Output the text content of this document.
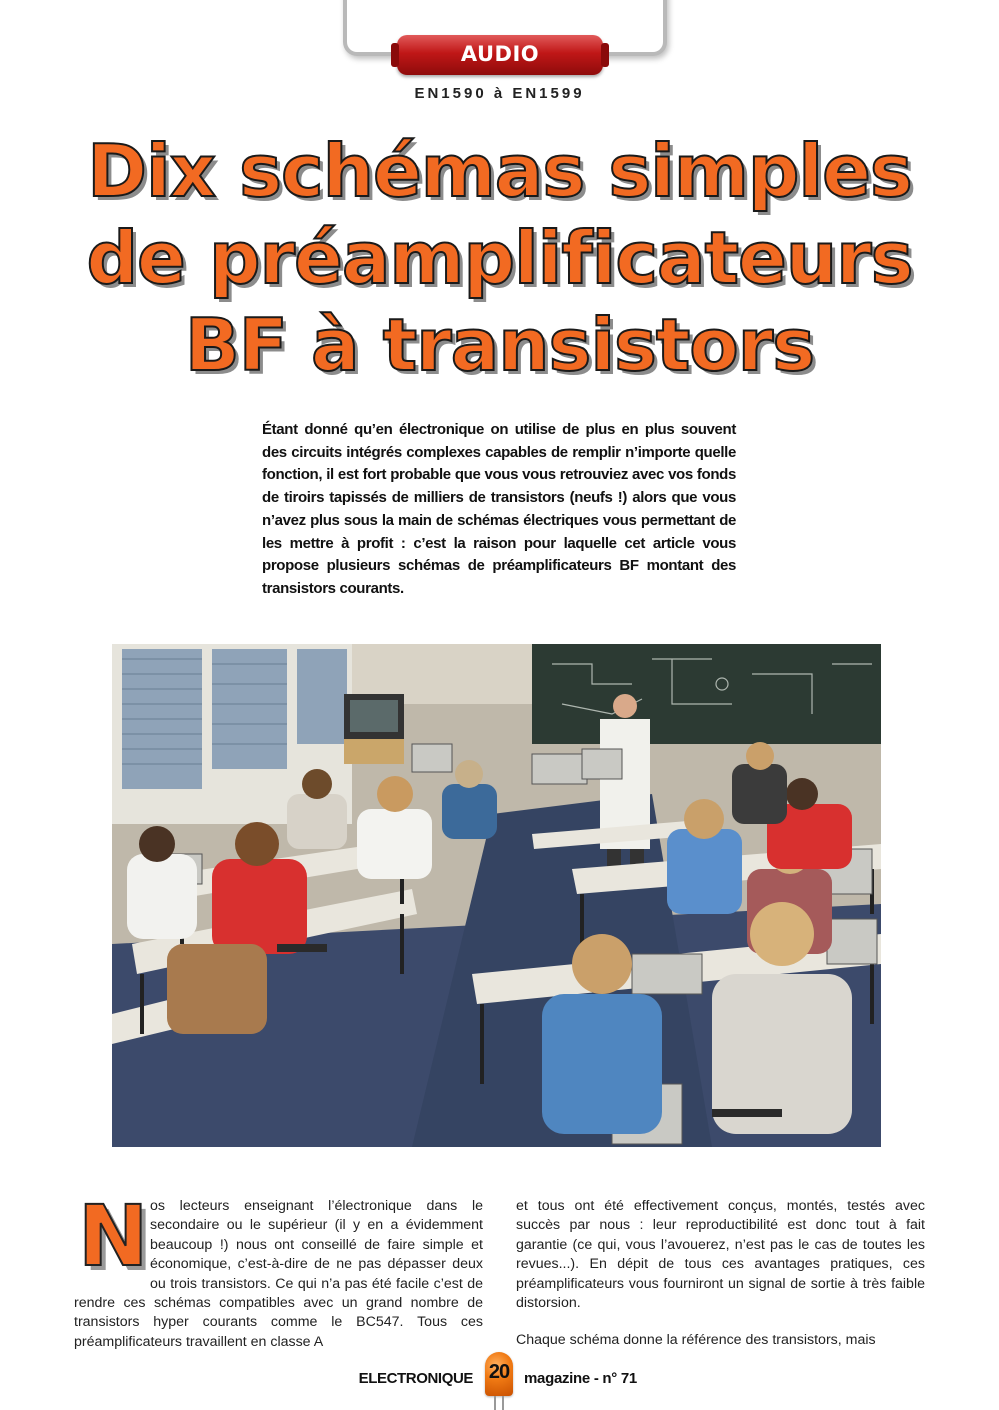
AUDIO
EN1590 à EN1599
Dix schémas simples
de préamplificateurs
BF à transistors
Étant donné qu’en électronique on utilise de plus en plus souvent des circuits intégrés complexes capables de remplir n’importe quelle fonction, il est fort probable que vous vous retrouviez avec vos fonds de tiroirs tapissés de milliers de transistors (neufs !) alors que vous n’avez plus sous la main de schémas électriques vous permettant de les mettre à profit : c’est la raison pour laquelle cet article vous propose plusieurs schémas de préamplificateurs BF montant des transistors courants.
N os lecteurs enseignant l’électronique dans le secondaire ou le supérieur (il y en a évidemment beaucoup !) nous ont conseillé de faire simple et économique, c’est-à-dire de ne pas dépasser deux ou trois transistors. Ce qui n’a pas été facile c’est de rendre ces schémas compatibles avec un grand nombre de transistors hyper courants comme le BC547. Tous ces préamplificateurs travaillent en classe A

et tous ont été effectivement conçus, montés, testés avec succès par nous : leur reproductibilité est donc tout à fait garantie (ce qui, vous l’avouerez, n’est pas le cas de toutes les revues...). En dépit de tous ces avantages pratiques, ces préamplificateurs vous fourniront un signal de sortie à très faible distorsion.

Chaque schéma donne la référence des transistors, mais

ELECTRONIQUE 20 magazine - n° 71
